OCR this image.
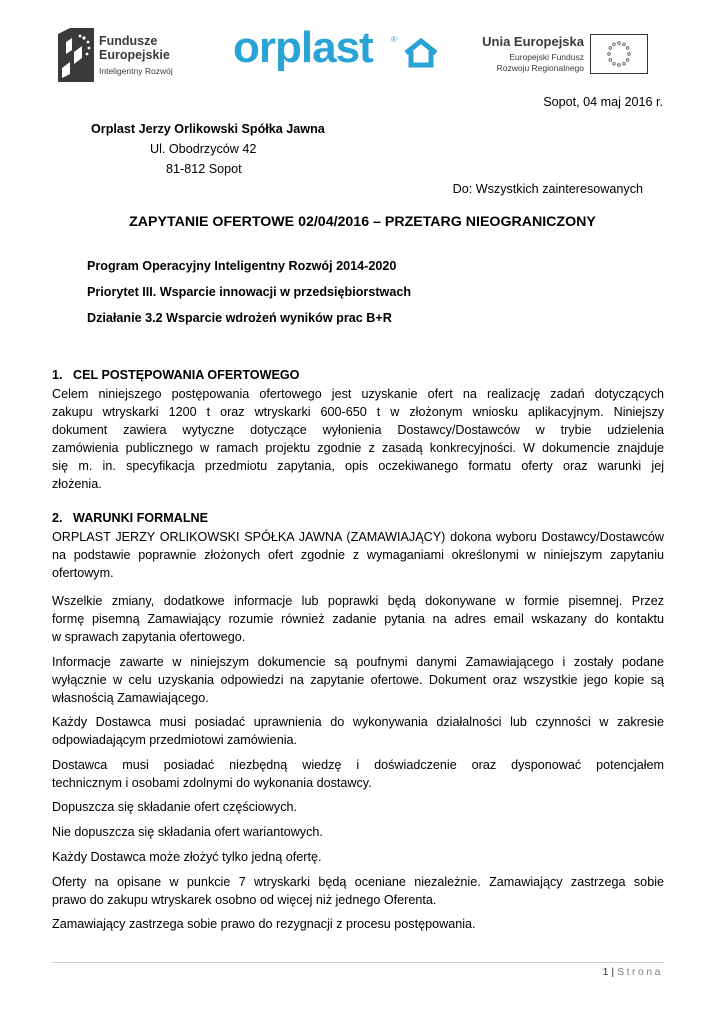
Fundusze
Europejskie
Inteligentny Rozwój orplast ®	Unia Europejska
Europejski Fundusz
Rozwoju Regionalnego
Sopot, 04 maj 2016 r.
Orplast Jerzy Orlikowski Spółka Jawna
Ul. Obodrzyców 42
81-812 Sopot
Do: Wszystkich zainteresowanych
ZAPYTANIE OFERTOWE 02/04/2016 – PRZETARG NIEOGRANICZONY
Program Operacyjny Inteligentny Rozwój 2014-2020
Priorytet III. Wsparcie innowacji w przedsiębiorstwach
Działanie 3.2 Wsparcie wdrożeń wyników prac B+R
1.   CEL POSTĘPOWANIA OFERTOWEGO
Celem niniejszego postępowania ofertowego jest uzyskanie ofert na realizację zadań dotyczących
zakupu wtryskarki 1200 t oraz wtryskarki 600-650 t w złożonym wniosku aplikacyjnym. Niniejszy
dokument zawiera wytyczne dotyczące wyłonienia Dostawcy/Dostawców w trybie udzielenia
zamówienia publicznego w ramach projektu zgodnie z zasadą konkrecyjności. W dokumencie znajduje
się m. in. specyfikacja przedmiotu zapytania, opis oczekiwanego formatu oferty oraz warunki jej
złożenia.
2.   WARUNKI FORMALNE
ORPLAST JERZY ORLIKOWSKI SPÓŁKA JAWNA (ZAMAWIAJĄCY) dokona wyboru Dostawcy/Dostawców
na podstawie poprawnie złożonych ofert zgodnie z wymaganiami określonymi w niniejszym zapytaniu
ofertowym.
Wszelkie zmiany, dodatkowe informacje lub poprawki będą dokonywane w formie pisemnej. Przez
formę pisemną Zamawiający rozumie również zadanie pytania na adres email wskazany do kontaktu
w sprawach zapytania ofertowego.
Informacje zawarte w niniejszym dokumencie są poufnymi danymi Zamawiającego i zostały podane
wyłącznie w celu uzyskania odpowiedzi na zapytanie ofertowe. Dokument oraz wszystkie jego kopie są
własnością Zamawiającego.
Każdy Dostawca musi posiadać uprawnienia do wykonywania działalności lub czynności w zakresie
odpowiadającym przedmiotowi zamówienia.
Dostawca musi posiadać niezbędną wiedzę i doświadczenie oraz dysponować potencjałem
technicznym i osobami zdolnymi do wykonania dostawcy.
Dopuszcza się składanie ofert częściowych.
Nie dopuszcza się składania ofert wariantowych.
Każdy Dostawca może złożyć tylko jedną ofertę.
Oferty na opisane w punkcie 7 wtryskarki będą oceniane niezależnie. Zamawiający zastrzega sobie
prawo do zakupu wtryskarek osobno od więcej niż jednego Oferenta.
Zamawiający zastrzega sobie prawo do rezygnacji z procesu postępowania.
1 | Strona
